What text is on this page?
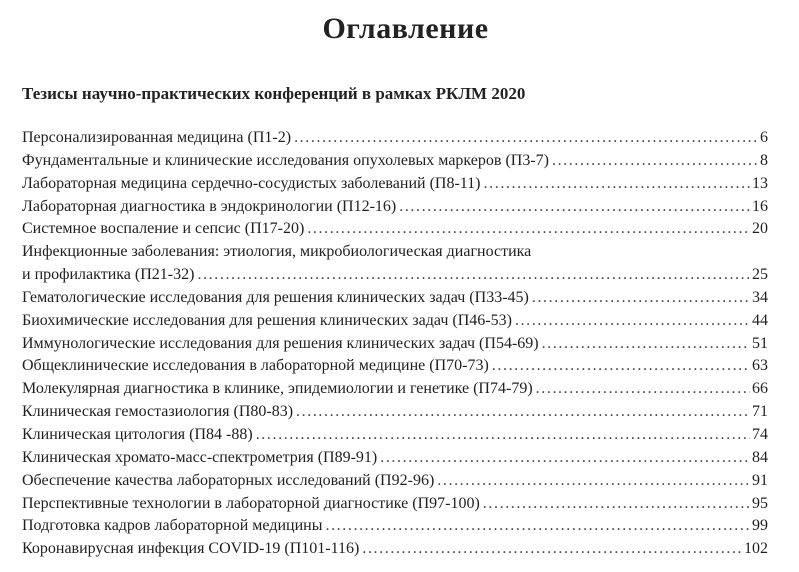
Оглавление
Тезисы научно-практических конференций в рамках РКЛМ 2020
Персонализированная медицина (П1-2) . . .	6
Фундаментальные и клинические исследования опухолевых маркеров (П3-7) . . .	8
Лабораторная медицина сердечно-сосудистых заболеваний (П8-11) . . .	13
Лабораторная диагностика в эндокринологии (П12-16) . . .	16
Системное воспаление и сепсис (П17-20) . . .	20
Инфекционные заболевания: этиология, микробиологическая диагностика
и профилактика (П21-32) . . .	25
Гематологические исследования для решения клинических задач (П33-45) . . .	34
Биохимические исследования для решения клинических задач (П46-53) . . .	44
Иммунологические исследования для решения клинических задач (П54-69) . . .	51
Общеклинические исследования в лабораторной медицине (П70-73) . . .	63
Молекулярная диагностика в клинике, эпидемиологии и генетике (П74-79) . . .	66
Клиническая гемостазиология (П80-83) . . .	71
Клиническая цитология (П84 -88) . . .	74
Клиническая хромато-масс-спектрометрия (П89-91) . . .	84
Обеспечение качества лабораторных исследований (П92-96) . . .	91
Перспективные технологии в лабораторной диагностике (П97-100) . . .	95
Подготовка кадров лабораторной медицины . . .	99
Коронавирусная инфекция COVID-19 (П101-116) . . .	102
